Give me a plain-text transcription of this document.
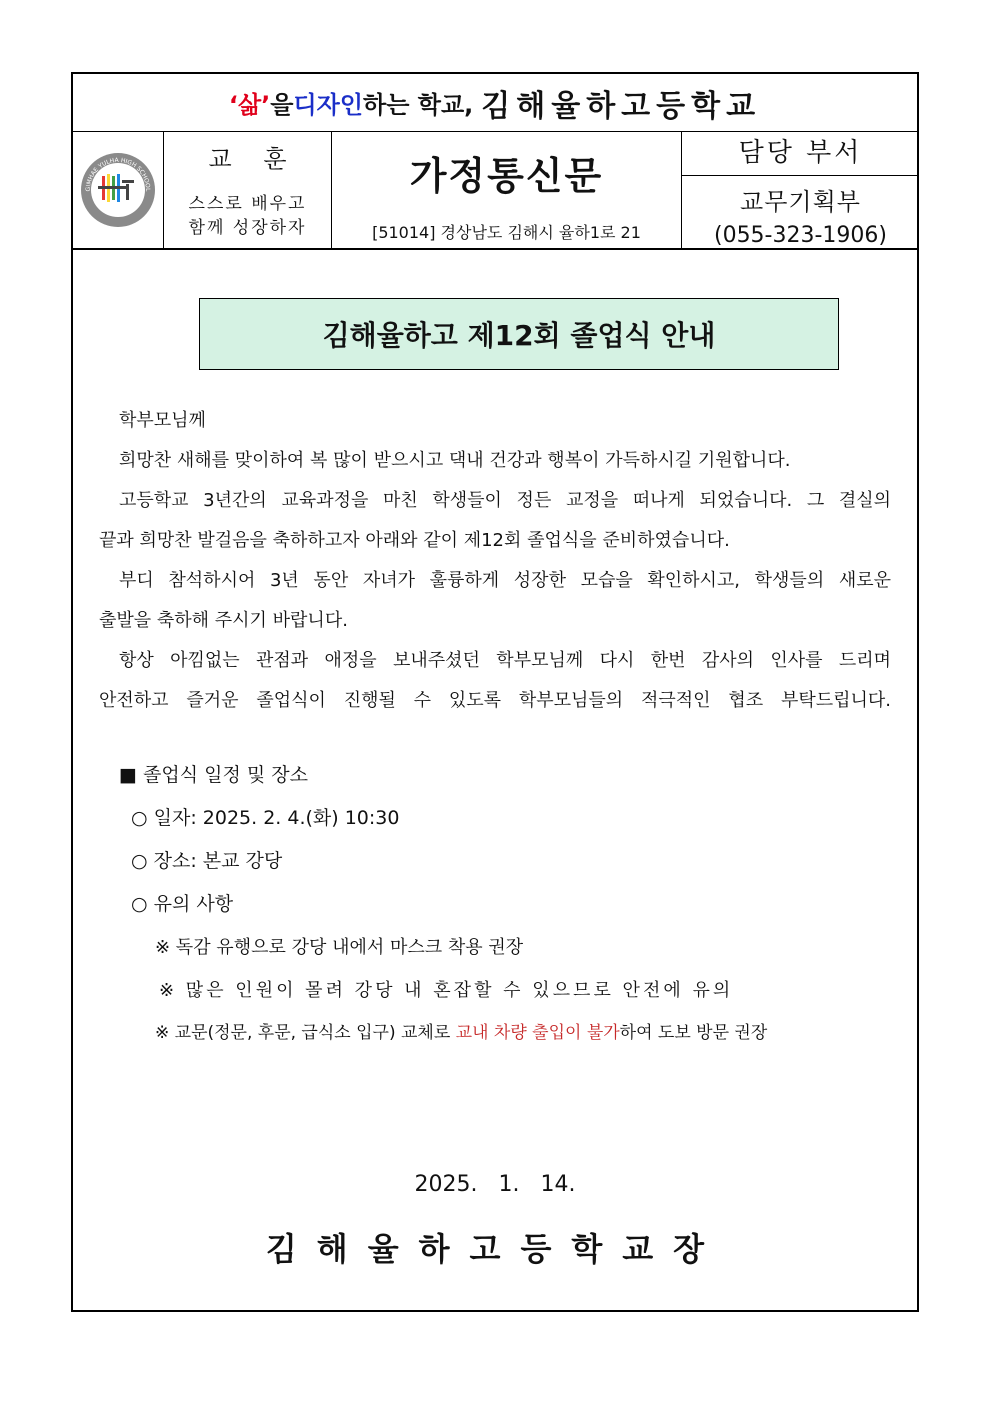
‘삶’ 을 디자인 하는 학교, 김해율하고등학교
GIMHAE YULHA HIGH SCHOOL
교 훈
스스로 배우고
함께 성장하자
가정통신문
[51014] 경상남도 김해시 율하1로 21
담당 부서
교무기획부
(055-323-1906)
김해율하고 제12회 졸업식 안내

학부모님께

희망찬 새해를 맞이하여 복 많이 받으시고 댁내 건강과 행복이 가득하시길 기원합니다.

고등학교 3년간의 교육과정을 마친 학생들이 정든 교정을 떠나게 되었습니다. 그 결실의

끝과 희망찬 발걸음을 축하하고자 아래와 같이 제12회 졸업식을 준비하였습니다.

부디 참석하시어 3년 동안 자녀가 훌륭하게 성장한 모습을 확인하시고, 학생들의 새로운

출발을 축하해 주시기 바랍니다.

항상 아낌없는 관점과 애정을 보내주셨던 학부모님께 다시 한번 감사의 인사를 드리며

안전하고 즐거운 졸업식이 진행될 수 있도록 학부모님들의 적극적인 협조 부탁드립니다.

■ 졸업식 일정 및 장소
○ 일자: 2025. 2. 4.(화) 10:30
○ 장소: 본교 강당
○ 유의 사항
※ 독감 유행으로 강당 내에서 마스크 착용 권장
※ 많은 인원이 몰려 강당 내 혼잡할 수 있으므로 안전에 유의
※ 교문(정문, 후문, 급식소 입구) 교체로 교내 차량 출입이 불가하여 도보 방문 권장
2025. 1. 14.
김해율하고등학교장
